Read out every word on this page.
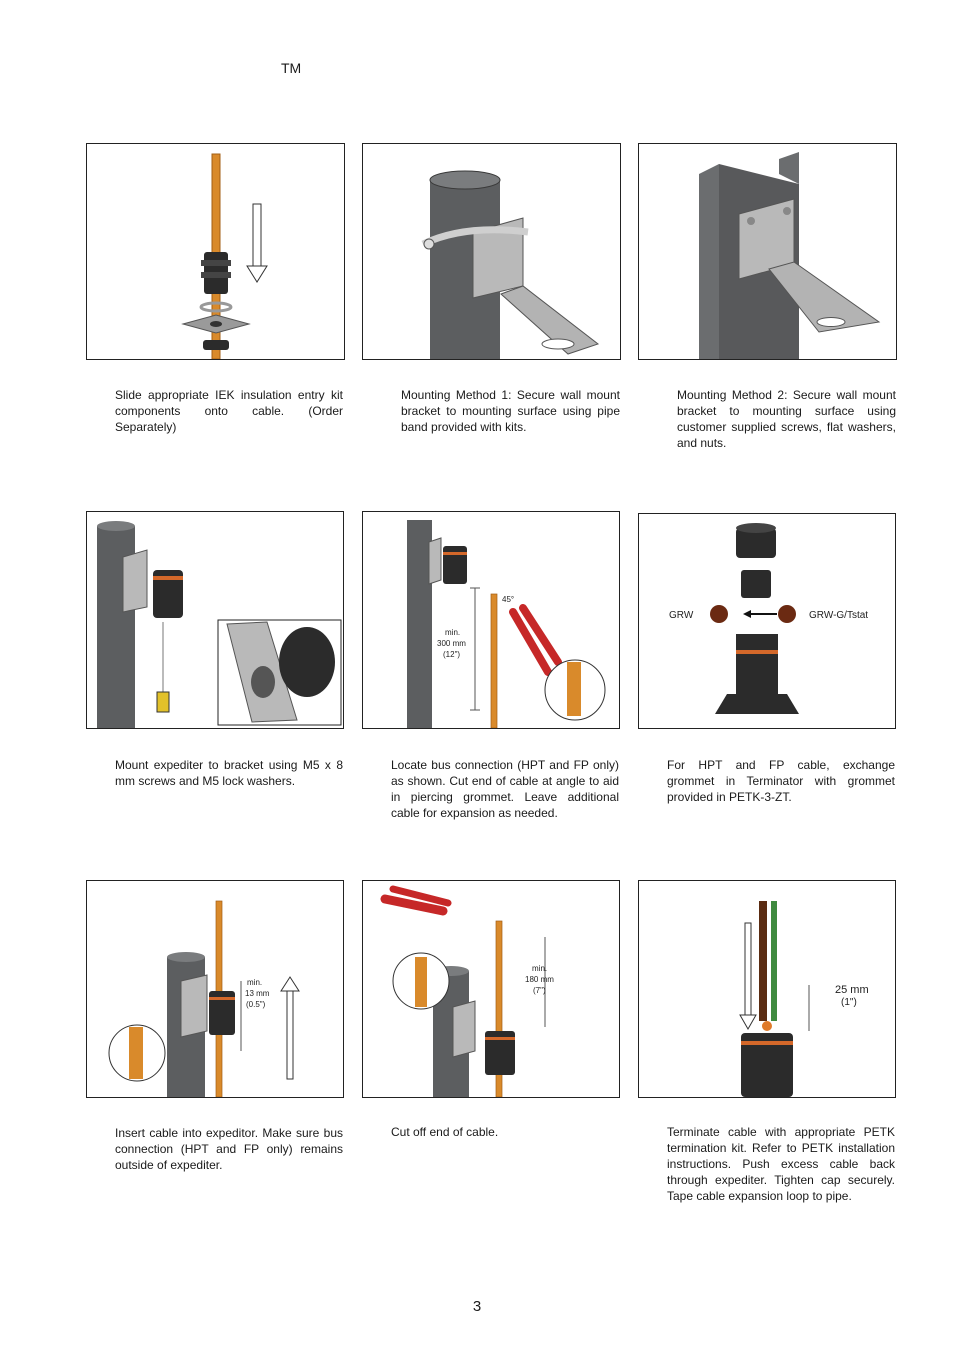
TM
Slide appropriate IEK insulation entry kit components onto cable. (Order Separately)
Mounting Method 1: Secure wall mount bracket to mounting surface using pipe band provided with kits.
Mounting Method 2: Secure wall mount bracket to mounting surface using customer supplied screws, flat washers, and nuts.
45°
min.
300 mm
(12")
GRW	GRW-G/Tstat
Mount expediter to bracket using M5 x 8 mm screws and M5 lock washers.
Locate bus connection (HPT and FP only) as shown. Cut end of cable at angle to aid in piercing grommet. Leave additional cable for expansion as needed.
For HPT and FP cable, exchange grommet in Terminator with grommet provided in PETK-3-ZT.
min.
13 mm
(0.5")
min.
180 mm
(7")	25 mm
(1")
Insert cable into expeditor. Make sure bus connection (HPT and FP only) remains outside of expediter.
Cut off end of cable.	Terminate cable with appropriate PETK termination kit. Refer to PETK installation instructions. Push excess cable back through expediter. Tighten cap securely. Tape cable expansion loop to pipe.
3
